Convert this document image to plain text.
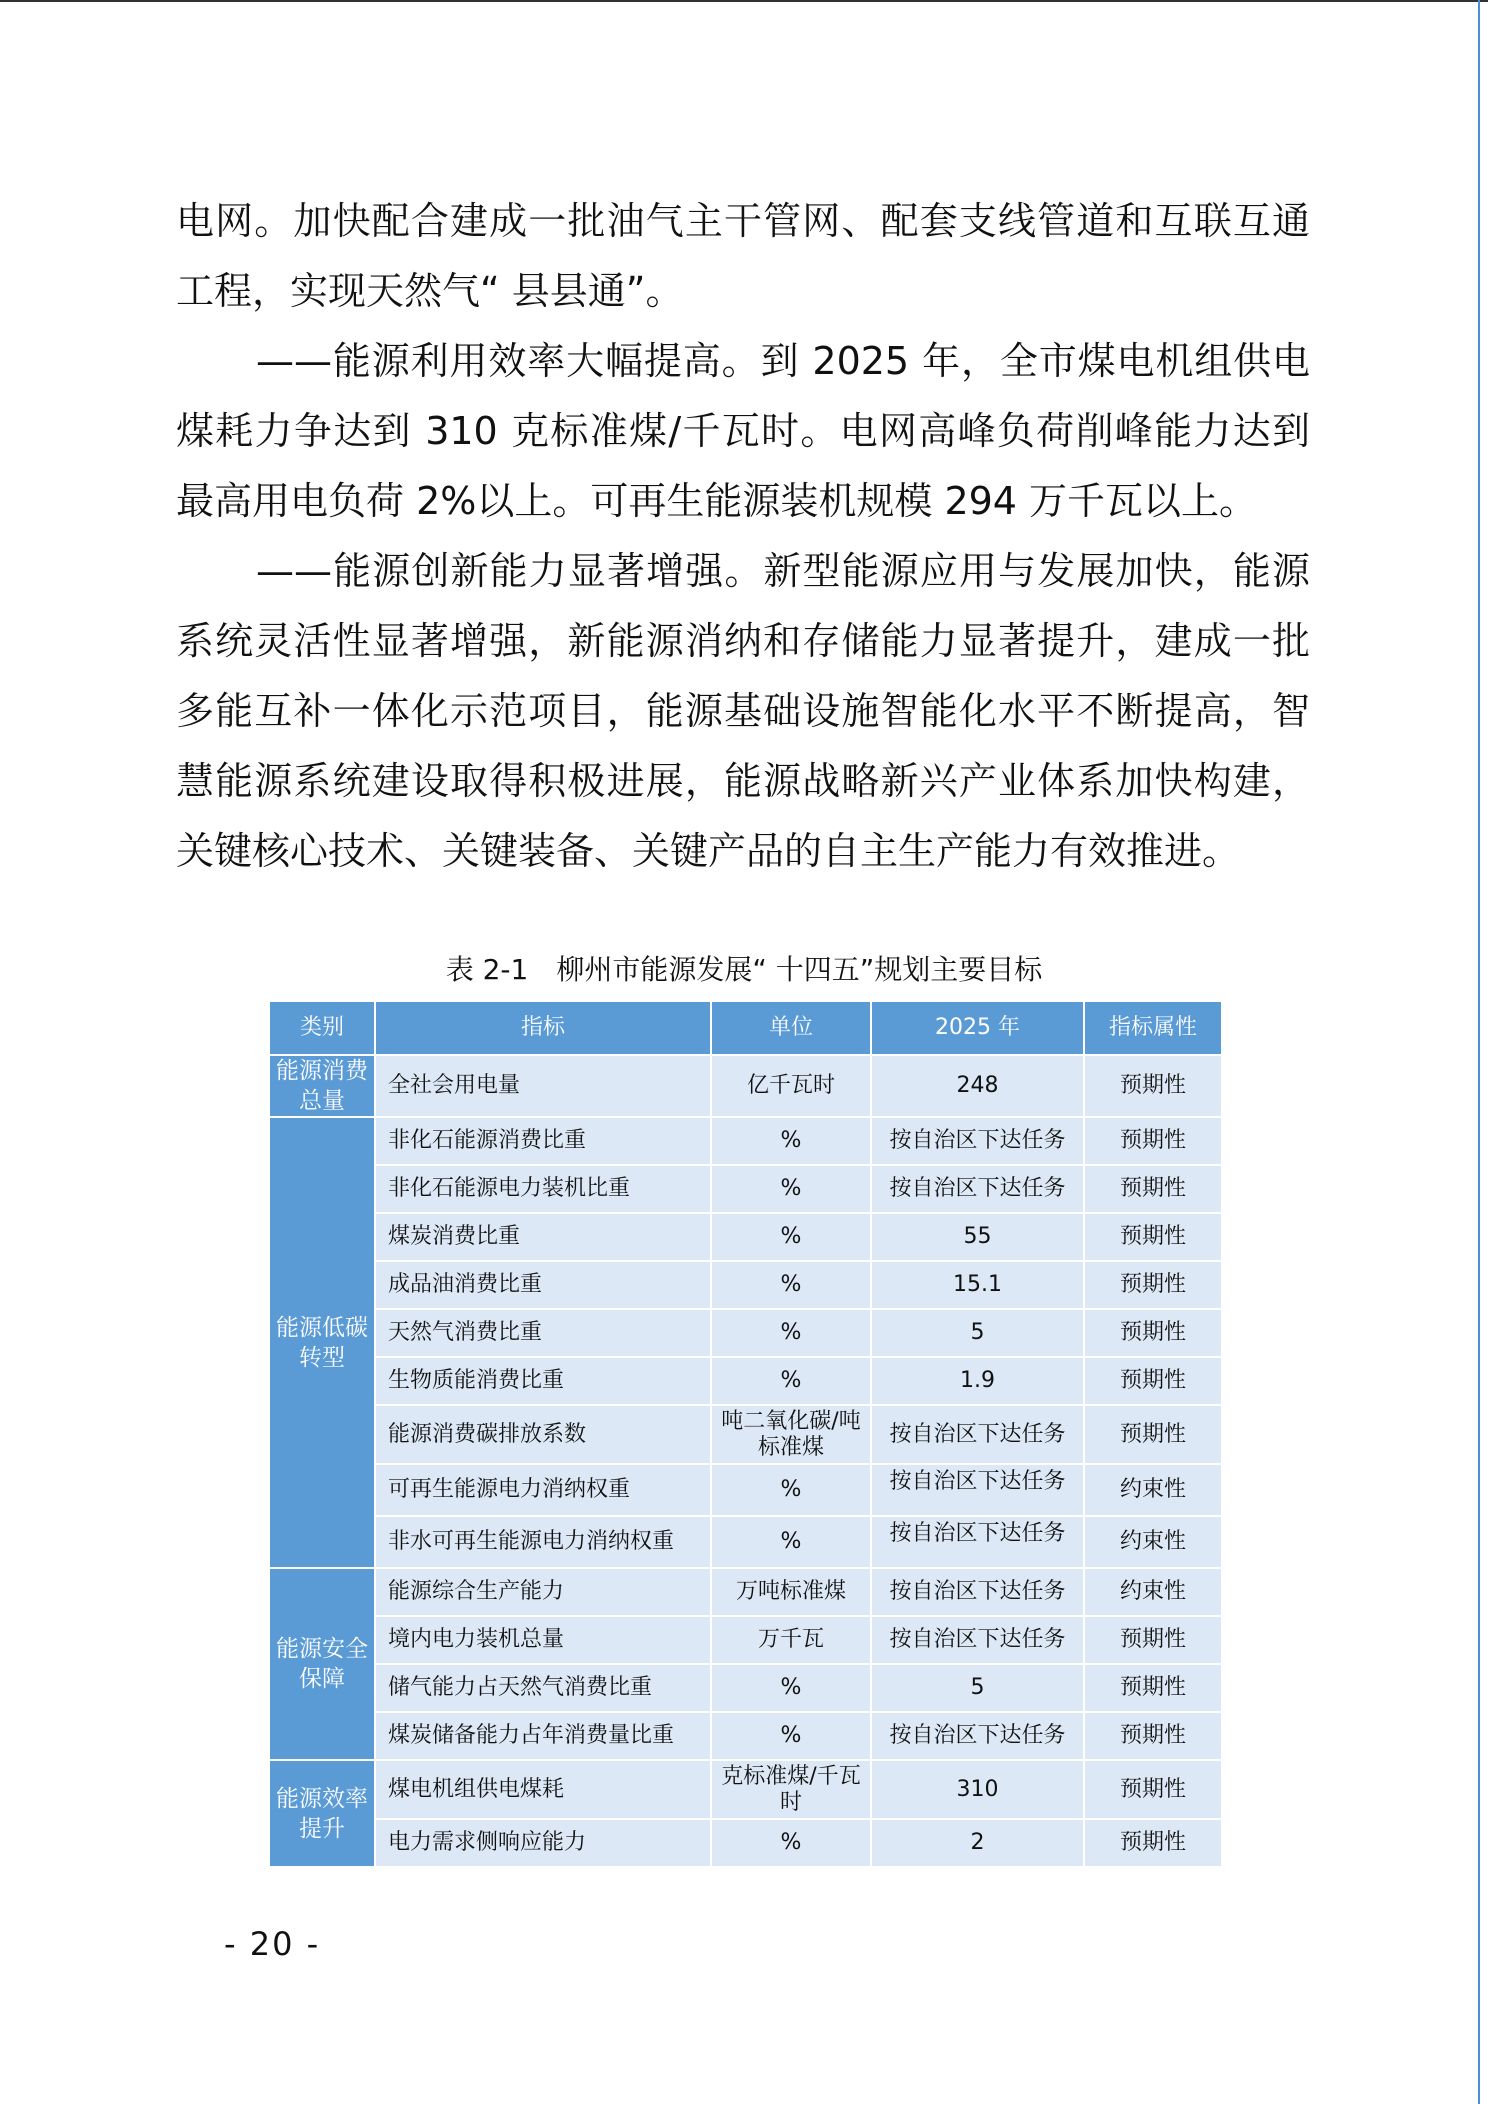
电网。加快配合建成一批油气主干管网、配套支线管道和互联互通工程，实现天然气“ 县县通”。

——能源利用效率大幅提高。到 2025 年，全市煤电机组供电煤耗力争达到 310 克标准煤/千瓦时。电网高峰负荷削峰能力达到最高用电负荷 2%以上。可再生能源装机规模 294 万千瓦以上。

——能源创新能力显著增强。新型能源应用与发展加快，能源系统灵活性显著增强，新能源消纳和存储能力显著提升，建成一批多能互补一体化示范项目，能源基础设施智能化水平不断提高，智慧能源系统建设取得积极进展，能源战略新兴产业体系加快构建，关键核心技术、关键装备、关键产品的自主生产能力有效推进。

表 2-1　柳州市能源发展“ 十四五”规划主要目标
类别	指标	单位	2025 年	指标属性
能源消费总量	全社会用电量	亿千瓦时	248	预期性
能源低碳转型	非化石能源消费比重	%	按自治区下达任务	预期性
	非化石能源电力装机比重	%	按自治区下达任务	预期性
	煤炭消费比重	%	55	预期性
	成品油消费比重	%	15.1	预期性
	天然气消费比重	%	5	预期性
	生物质能消费比重	%	1.9	预期性
	能源消费碳排放系数	吨二氧化碳/吨标准煤	按自治区下达任务	预期性
	可再生能源电力消纳权重	%	按自治区下达任务	约束性
	非水可再生能源电力消纳权重	%	按自治区下达任务	约束性
能源安全保障	能源综合生产能力	万吨标准煤	按自治区下达任务	约束性
	境内电力装机总量	万千瓦	按自治区下达任务	预期性
	储气能力占天然气消费比重	%	5	预期性
	煤炭储备能力占年消费量比重	%	按自治区下达任务	预期性
能源效率提升	煤电机组供电煤耗	克标准煤/千瓦时	310	预期性
	电力需求侧响应能力	%	2	预期性
- 20 -
